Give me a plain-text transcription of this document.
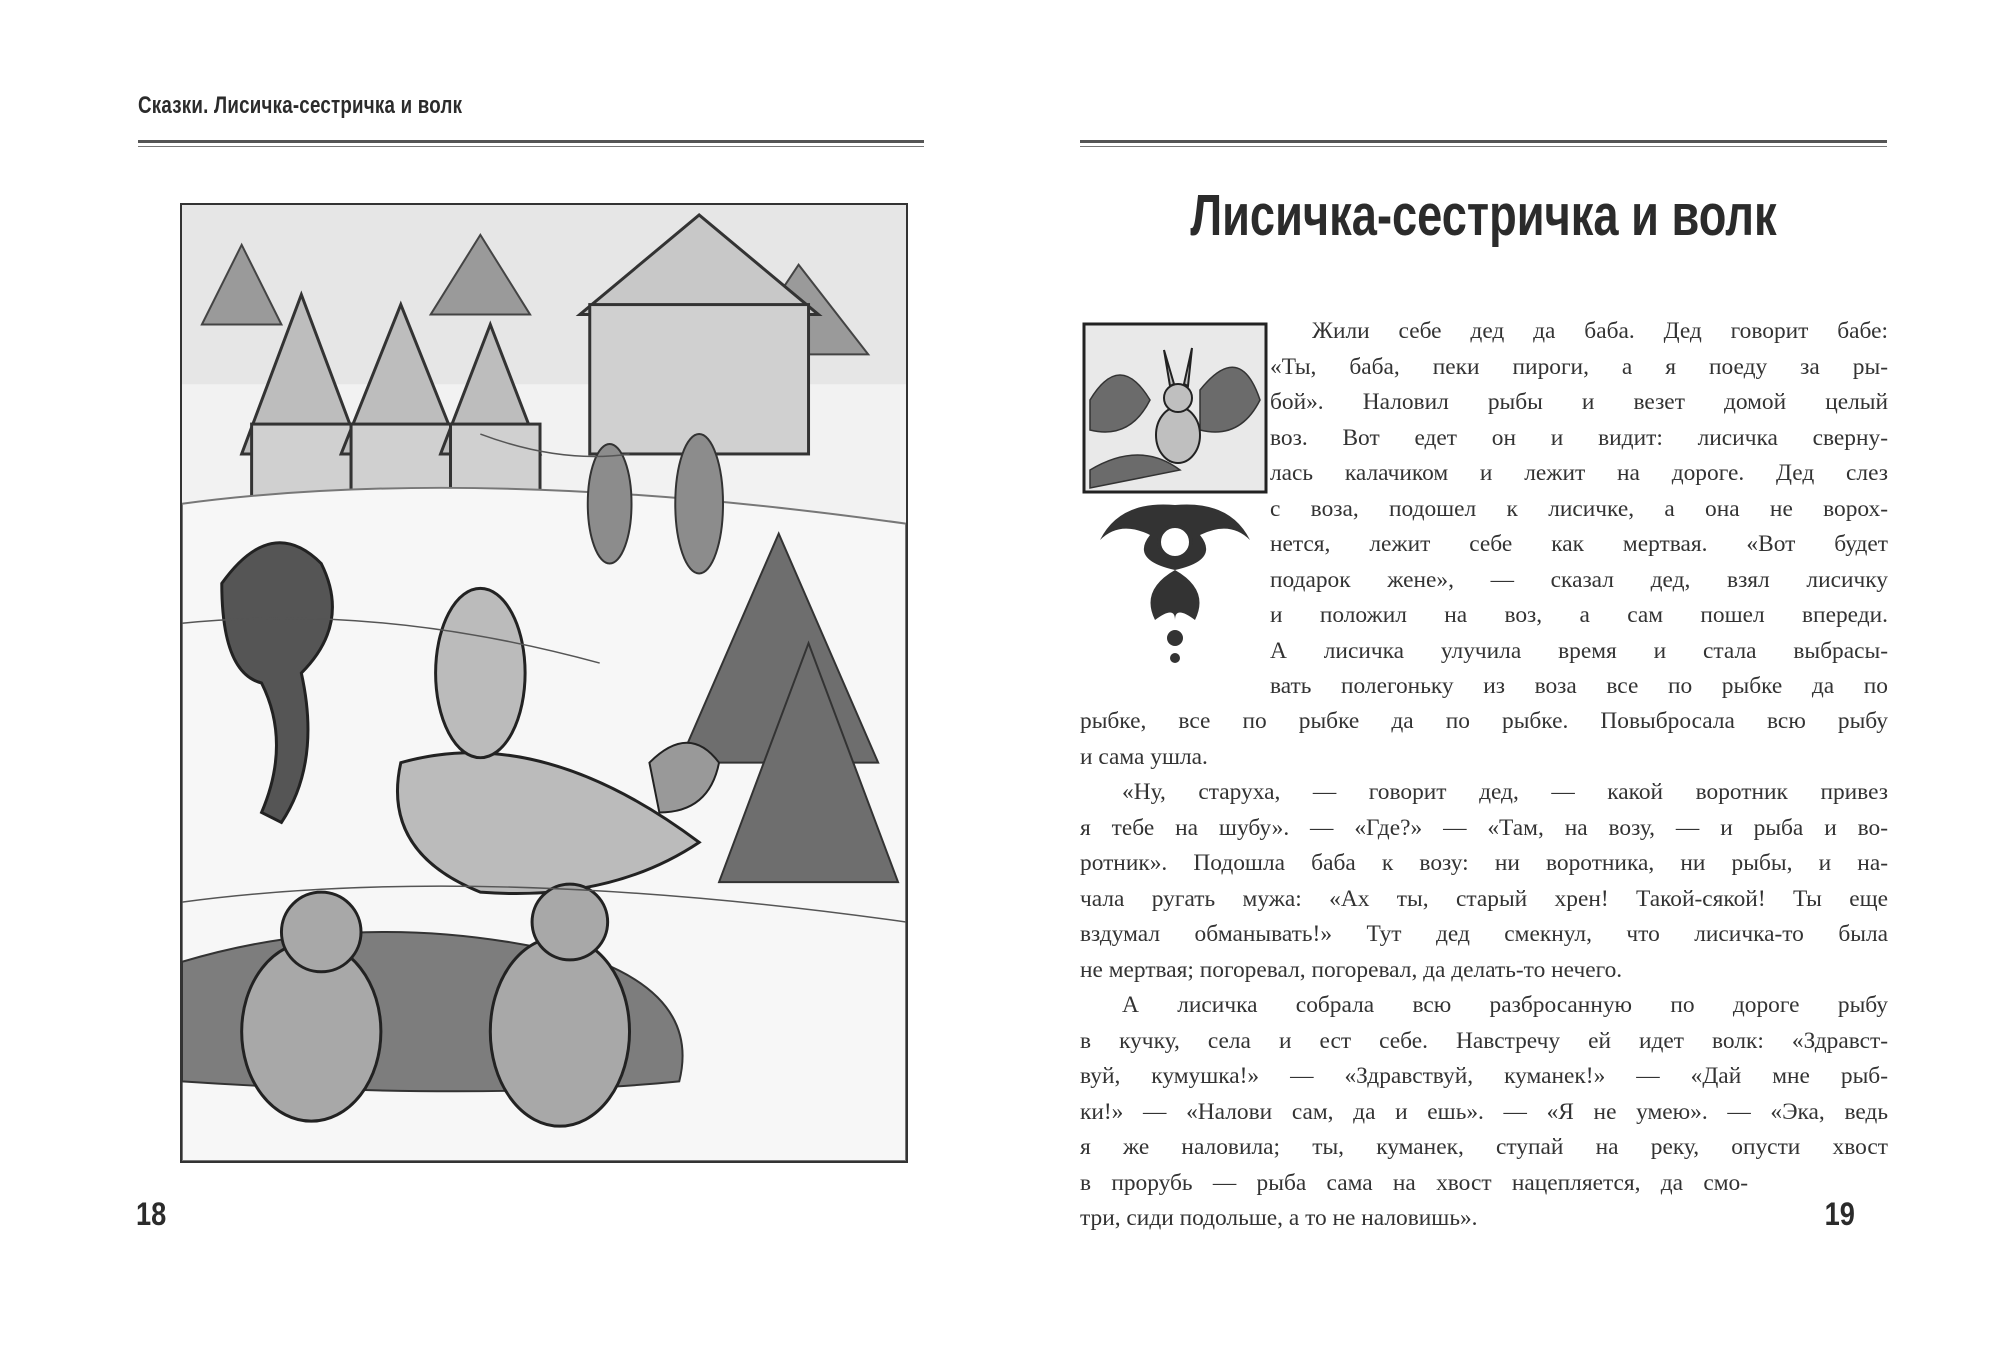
Сказки. Лисичка-сестричка и волк
18
Лисичка-сестричка и волк
Жили себе дед да баба. Дед говорит бабе:
«Ты, баба, пеки пироги, а я поеду за ры-
бой». Наловил рыбы и везет домой целый
воз. Вот едет он и видит: лисичка сверну-
лась калачиком и лежит на дороге. Дед слез
с воза, подошел к лисичке, а она не ворох-
нется, лежит себе как мертвая. «Вот будет
подарок жене», — сказал дед, взял лисичку
и положил на воз, а сам пошел впереди.
А лисичка улучила время и стала выбрасы-
вать полегоньку из воза все по рыбке да по
рыбке, все по рыбке да по рыбке. Повыбросала всю рыбу
и сама ушла.
«Ну, старуха, — говорит дед, — какой воротник привез
я тебе на шубу». — «Где?» — «Там, на возу, — и рыба и во-
ротник». Подошла баба к возу: ни воротника, ни рыбы, и на-
чала ругать мужа: «Ах ты, старый хрен! Такой-сякой! Ты еще
вздумал обманывать!» Тут дед смекнул, что лисичка-то была
не мертвая; погоревал, погоревал, да делать-то нечего.
А лисичка собрала всю разбросанную по дороге рыбу
в кучку, села и ест себе. Навстречу ей идет волк: «Здравст-
вуй, кумушка!» — «Здравствуй, куманек!» — «Дай мне рыб-
ки!» — «Налови сам, да и ешь». — «Я не умею». — «Эка, ведь
я же наловила; ты, куманек, ступай на реку, опусти хвост
в прорубь — рыба сама на хвост нацепляется, да смо-
три, сиди подольше, а то не наловишь».	19
